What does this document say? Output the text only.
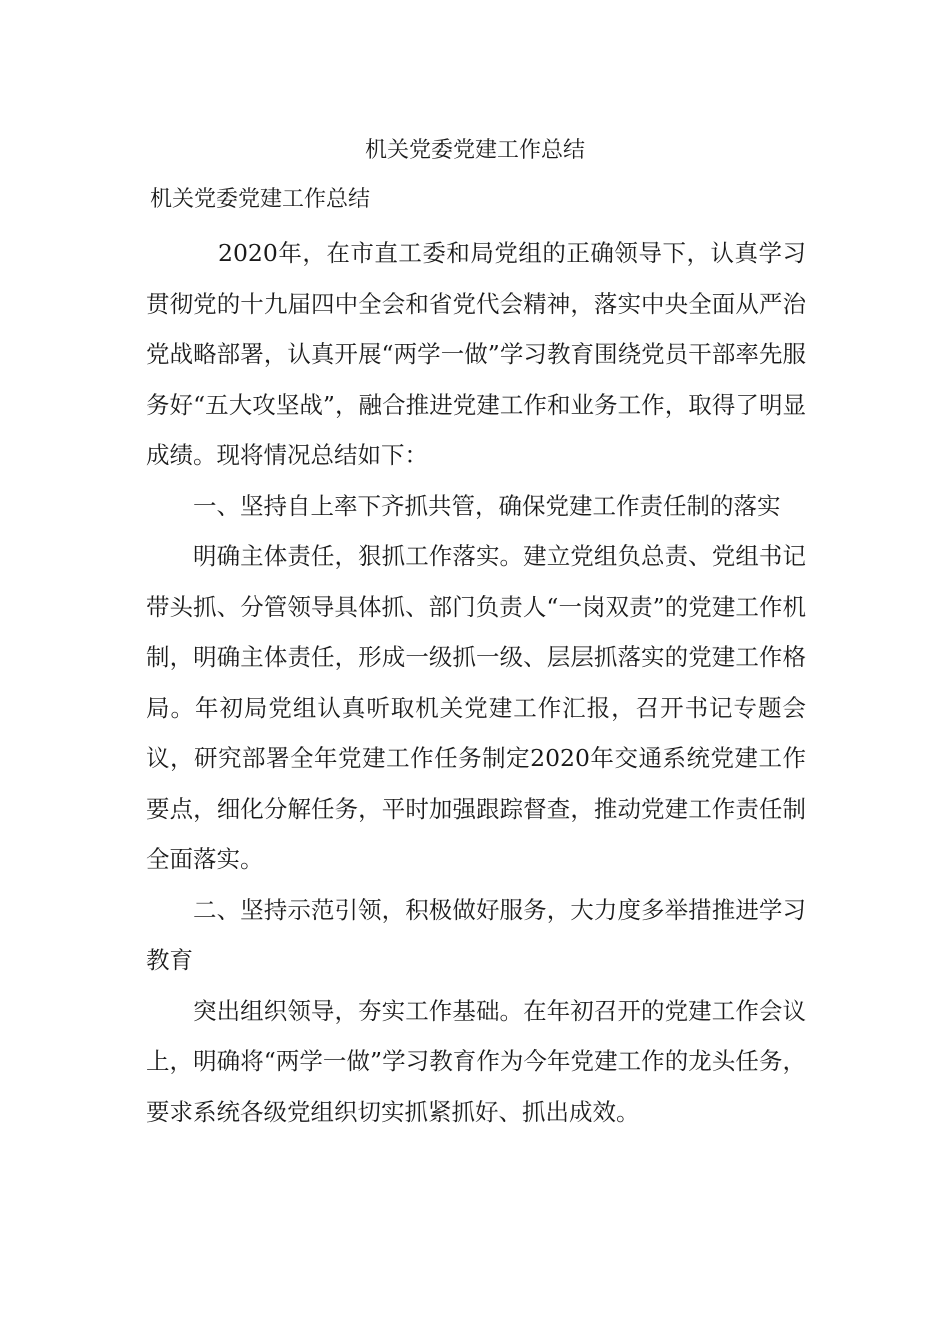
机关党委党建工作总结
机关党委党建工作总结

2020年，在市直工委和局党组的正确领导下，认真学习贯彻党的十九届四中全会和省党代会精神，落实中央全面从严治党战略部署，认真开展“两学一做”学习教育围绕党员干部率先服务好“五大攻坚战”，融合推进党建工作和业务工作，取得了明显成绩。现将情况总结如下：

一、坚持自上率下齐抓共管，确保党建工作责任制的落实

明确主体责任，狠抓工作落实。建立党组负总责、党组书记带头抓、分管领导具体抓、部门负责人“一岗双责”的党建工作机制，明确主体责任，形成一级抓一级、层层抓落实的党建工作格局。年初局党组认真听取机关党建工作汇报，召开书记专题会议，研究部署全年党建工作任务制定2020年交通系统党建工作要点，细化分解任务，平时加强跟踪督查，推动党建工作责任制全面落实。

二、坚持示范引领，积极做好服务，大力度多举措推进学习教育

突出组织领导，夯实工作基础。在年初召开的党建工作会议上，明确将“两学一做”学习教育作为今年党建工作的龙头任务，要求系统各级党组织切实抓紧抓好、抓出成效。
